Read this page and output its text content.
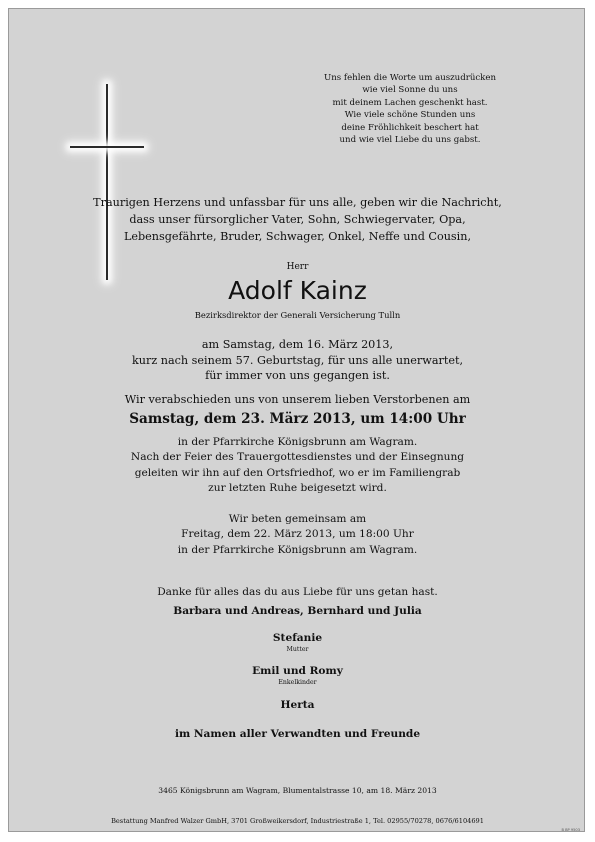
Uns fehlen die Worte um auszudrücken
wie viel Sonne du uns
mit deinem Lachen geschenkt hast.
Wie viele schöne Stunden uns
deine Fröhlichkeit beschert hat
und wie viel Liebe du uns gabst.
Traurigen Herzens und unfassbar für uns alle, geben wir die Nachricht,
dass unser fürsorglicher Vater, Sohn, Schwiegervater, Opa,
Lebensgefährte, Bruder, Schwager, Onkel, Neffe und Cousin,
Herr
Adolf Kainz
Bezirksdirektor der Generali Versicherung Tulln
am Samstag, dem 16. März 2013,
kurz nach seinem 57. Geburtstag, für uns alle unerwartet,
für immer von uns gegangen ist.
Wir verabschieden uns von unserem lieben Verstorbenen am
Samstag, dem 23. März 2013, um 14:00 Uhr
in der Pfarrkirche Königsbrunn am Wagram.
Nach der Feier des Trauergottesdienstes und der Einsegnung
geleiten wir ihn auf den Ortsfriedhof, wo er im Familiengrab
zur letzten Ruhe beigesetzt wird.
Wir beten gemeinsam am
Freitag, dem 22. März 2013, um 18:00 Uhr
in der Pfarrkirche Königsbrunn am Wagram.
Danke für alles das du aus Liebe für uns getan hast.
Barbara und Andreas, Bernhard und Julia
Stefanie
Mutter
Emil und Romy
Enkelkinder
Herta
im Namen aller Verwandten und Freunde
3465 Königsbrunn am Wagram, Blumentalstrasse 10, am 18. März 2013
Bestattung Manfred Walzer GmbH, 3701 Großweikersdorf, Industriestraße 1, Tel. 02955/70278, 0676/6104691
B BP 9503
